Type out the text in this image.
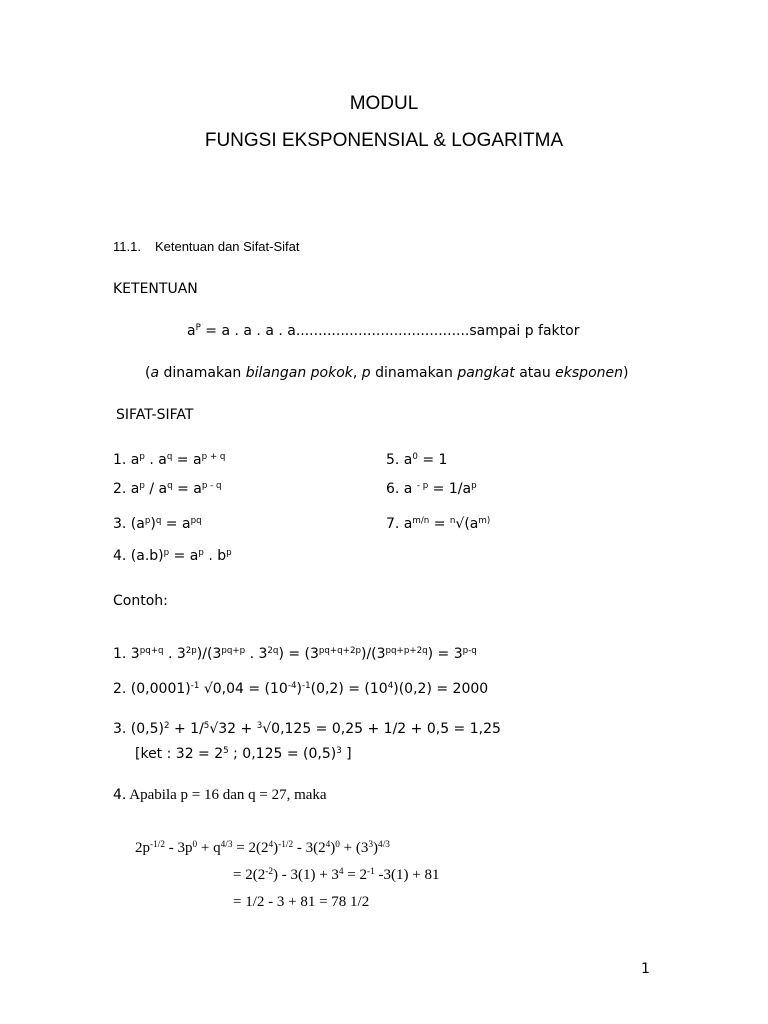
MODUL
FUNGSI EKSPONENSIAL & LOGARITMA
11.1. Ketentuan dan Sifat-Sifat
KETENTUAN
$a^P = a$ . a . a . a.......................................sampai p faktor
(a dinamakan bilangan pokok, p dinamakan pangkat atau eksponen)
SIFAT-SIFAT
1. $a^p$ . $a^q = a^{p + q}$
2. $a^p / a^q = a^{p - q}$
3. $(a^p)^q = a^{pq}$
4. $(a.b)^p = a^p$ . $b^p$
5. $a^0 = 1$
6. a $^{- p} = 1/a^p$
7. $a^{m/n} = ^n√(a^{m)}$
Contoh:
1. $3^{pq+q}$ . $3^{2p})/(3^{pq+p}$ . $3^{2q}) = (3^{pq+q+2p})/(3^{pq+p+2q}) = 3^{p-q}$
2. $(0,0001)^{-1}$ $√0,04 = (10^{-4})^{-1}(0,2) = (10^4)(0,2) = 2000$
3. $(0,5)^2 + 1/^5√32 + ^3√0,125 = 0,25 + 1/2 + 0,5 = 1,25$
[ket : $32 = 2^5$ ; $0,125 = (0,5)^3$ ]
4. Apabila p = 16 dan q = 27, maka
$2p^{-1/2} - 3p^0 + q^{4/3} = 2(2^4)^{-1/2} - 3(2^4)^0 + (3^3)^{4/3}$
= $2(2^{-2}) - 3(1) + 3^4 = 2^{-1}$ -3(1) + 81
= 1/2 - 3 + 81 = 78 1/2
1
